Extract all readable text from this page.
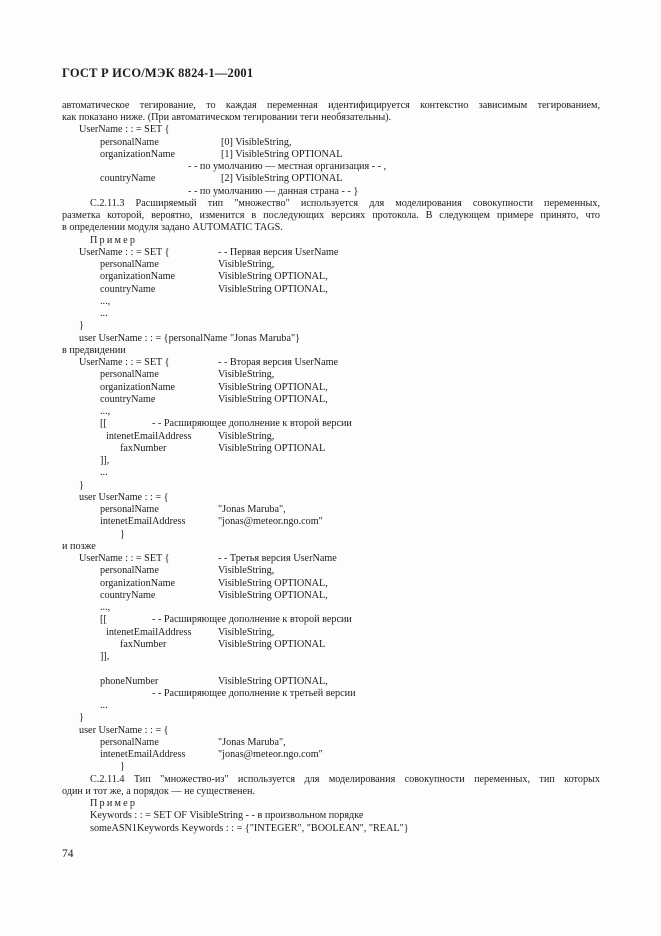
ГОСТ Р ИСО/МЭК 8824-1—2001
автоматическое тегирование, то каждая переменная идентифицируется контекстно зависимым тегированием,
как показано ниже. (При автоматическом тегировании теги необязательны).
UserName : : = SET {
personalName	[0] VisibleString,
organizationName	[1] VisibleString OPTIONAL
- - по умолчанию — местная организация - - ,
countryName	[2] VisibleString OPTIONAL
- - по умолчанию — данная страна - - }
C.2.11.3 Расширяемый тип "множество" используется для моделирования совокупности переменных,
разметка которой, вероятно, изменится в последующих версиях протокола. В следующем примере принято, что
в определении модуля задано AUTOMATIC TAGS.
Пример
UserName : : = SET {	- - Первая версия UserName
personalName	VisibleString,
organizationName	VisibleString OPTIONAL,
countryName	VisibleString OPTIONAL,
...,
...
}
user UserName : : = {personalName "Jonas Maruba"}
в предвидении
UserName : : = SET {	- - Вторая версия UserName
personalName	VisibleString,
organizationName	VisibleString OPTIONAL,
countryName	VisibleString OPTIONAL,
...,
[[	- - Расширяющее дополнение к второй версии
intenetEmailAddress	VisibleString,
faxNumber	VisibleString OPTIONAL
]],
...
}
user UserName : : = {
personalName	"Jonas Maruba",
intenetEmailAddress	"jonas@meteor.ngo.com"
}
и позже
UserName : : = SET {	- - Третья версия UserName
personalName	VisibleString,
organizationName	VisibleString OPTIONAL,
countryName	VisibleString OPTIONAL,
...,
[[	- - Расширяющее дополнение к второй версии
intenetEmailAddress	VisibleString,
faxNumber	VisibleString OPTIONAL
]],
phoneNumber	VisibleString OPTIONAL,
- - Расширяющее дополнение к третьей версии
...
}
user UserName : : = {
personalName	"Jonas Maruba",
intenetEmailAddress	"jonas@meteor.ngo.com"
}
C.2.11.4 Тип "множество-из" используется для моделирования совокупности переменных, тип которых
один и тот же, а порядок — не существенен.
Пример
Keywords : : = SET OF VisibleString - - в произвольном порядке
someASN1Keywords Keywords : : = {"INTEGER", "BOOLEAN", "REAL"}
74
